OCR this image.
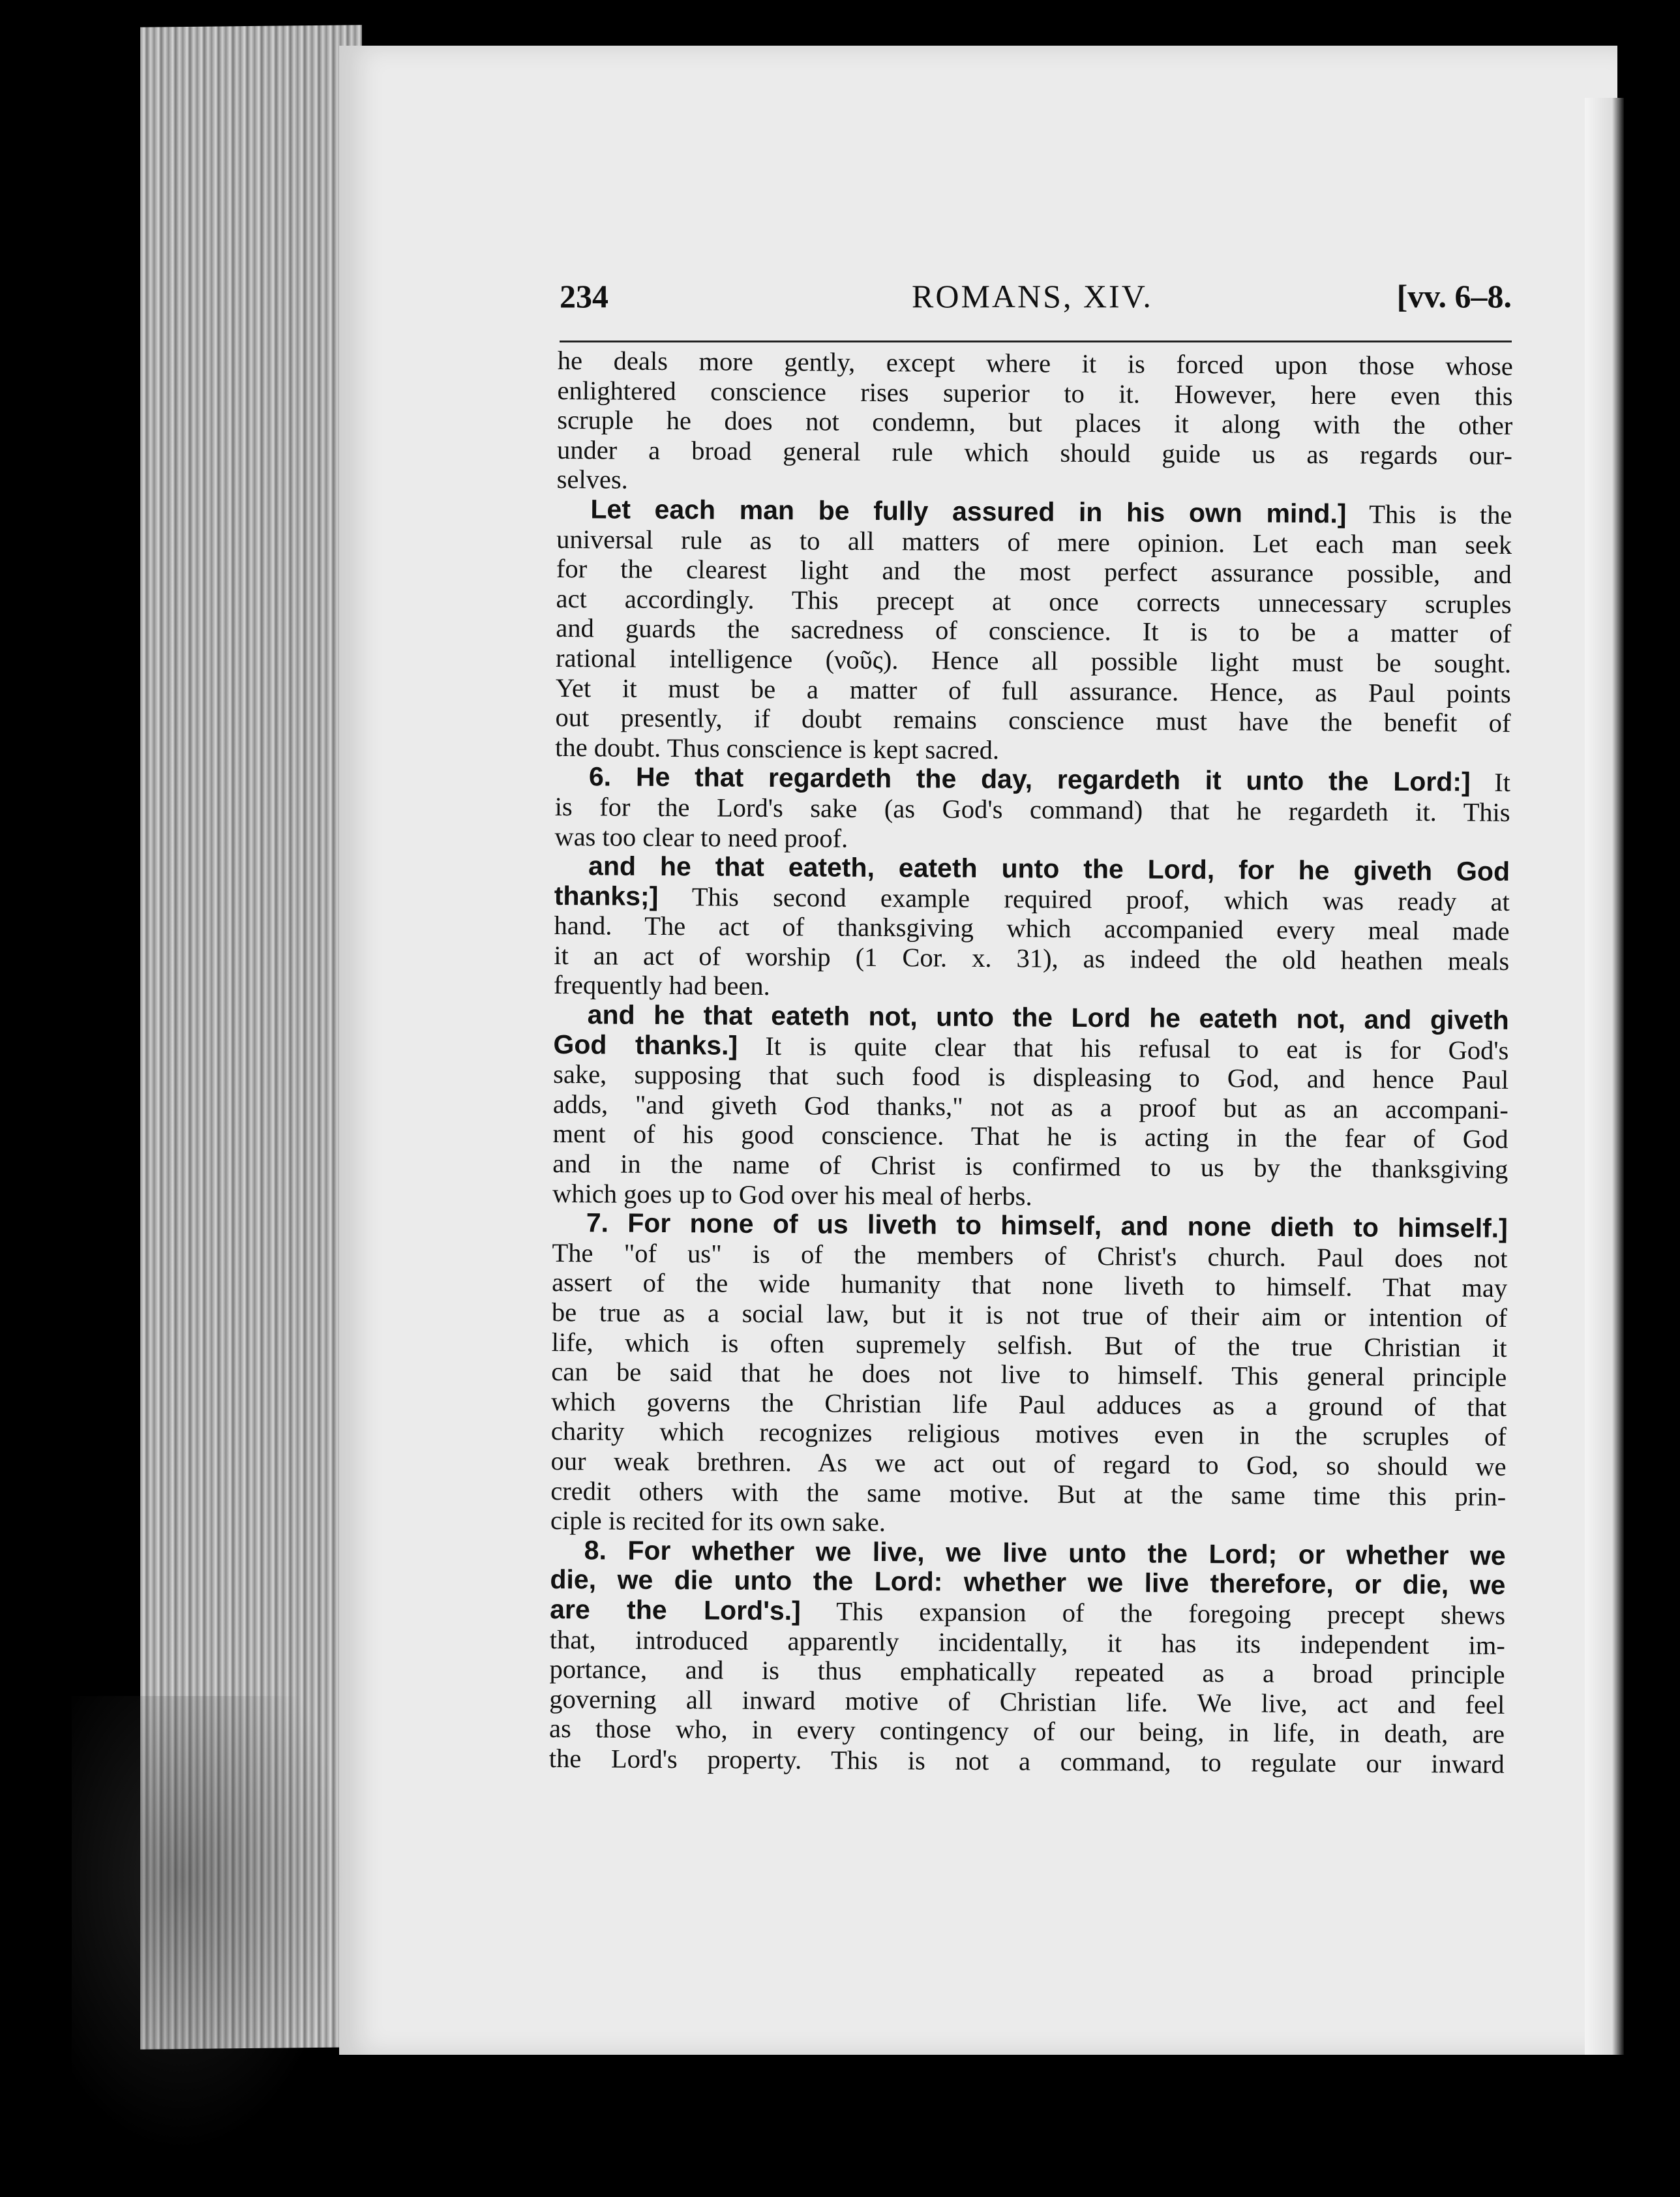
234	ROMANS, XIV.	[vv. 6–8.
he deals more gently, except where it is forced upon those whose
enlightered conscience rises superior to it. However, here even this
scruple he does not condemn, but places it along with the other
under a broad general rule which should guide us as regards our-
selves.
Let each man be fully assured in his own mind.] This is the
universal rule as to all matters of mere opinion. Let each man seek
for the clearest light and the most perfect assurance possible, and
act accordingly. This precept at once corrects unnecessary scruples
and guards the sacredness of conscience. It is to be a matter of
rational intelligence (νοῦς). Hence all possible light must be sought.
Yet it must be a matter of full assurance. Hence, as Paul points
out presently, if doubt remains conscience must have the benefit of
the doubt. Thus conscience is kept sacred.
6. He that regardeth the day, regardeth it unto the Lord:] It
is for the Lord's sake (as God's command) that he regardeth it. This
was too clear to need proof.
and he that eateth, eateth unto the Lord, for he giveth God
thanks;] This second example required proof, which was ready at
hand. The act of thanksgiving which accompanied every meal made
it an act of worship (1 Cor. x. 31), as indeed the old heathen meals
frequently had been.
and he that eateth not, unto the Lord he eateth not, and giveth
God thanks.] It is quite clear that his refusal to eat is for God's
sake, supposing that such food is displeasing to God, and hence Paul
adds, "and giveth God thanks," not as a proof but as an accompani-
ment of his good conscience. That he is acting in the fear of God
and in the name of Christ is confirmed to us by the thanksgiving
which goes up to God over his meal of herbs.
7. For none of us liveth to himself, and none dieth to himself.]
The "of us" is of the members of Christ's church. Paul does not
assert of the wide humanity that none liveth to himself. That may
be true as a social law, but it is not true of their aim or intention of
life, which is often supremely selfish. But of the true Christian it
can be said that he does not live to himself. This general principle
which governs the Christian life Paul adduces as a ground of that
charity which recognizes religious motives even in the scruples of
our weak brethren. As we act out of regard to God, so should we
credit others with the same motive. But at the same time this prin-
ciple is recited for its own sake.
8. For whether we live, we live unto the Lord; or whether we
die, we die unto the Lord: whether we live therefore, or die, we
are the Lord's.] This expansion of the foregoing precept shews
that, introduced apparently incidentally, it has its independent im-
portance, and is thus emphatically repeated as a broad principle
governing all inward motive of Christian life. We live, act and feel
as those who, in every contingency of our being, in life, in death, are
the Lord's property. This is not a command, to regulate our inward
